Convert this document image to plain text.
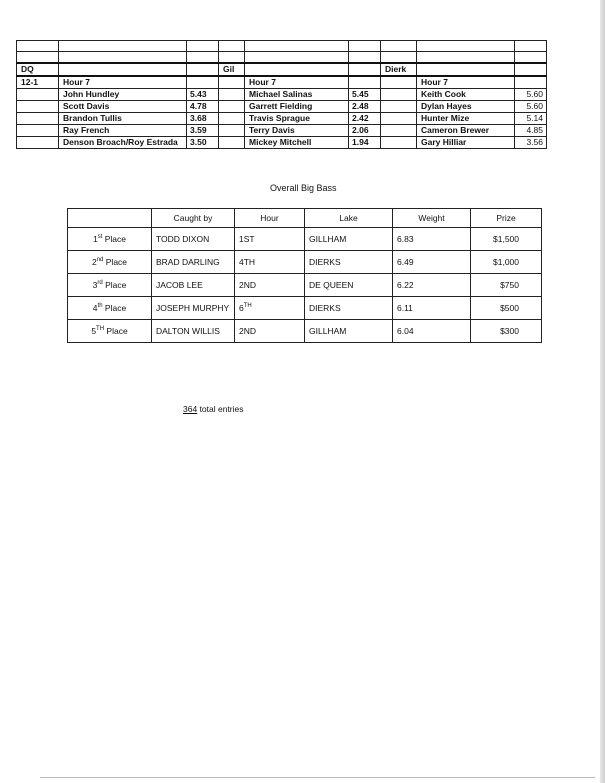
DQ			Gil			Dierk		
12-1	Hour 7			Hour 7			Hour 7	
	John Hundley	5.43		Michael Salinas	5.45		Keith Cook	5.60
	Scott Davis	4.78		Garrett Fielding	2.48		Dylan Hayes	5.60
	Brandon Tullis	3.68		Travis Sprague	2.42		Hunter Mize	5.14
	Ray French	3.59		Terry Davis	2.06		Cameron Brewer	4.85
	Denson Broach/Roy Estrada	3.50		Mickey Mitchell	1.94		Gary Hilliar	3.56
Overall Big Bass
	Caught by	Hour	Lake	Weight	Prize
1st Place	TODD DIXON	1ST	GILLHAM	6.83	$1,500
2nd Place	BRAD DARLING	4TH	DIERKS	6.49	$1,000
3rd Place	JACOB LEE	2ND	DE QUEEN	6.22	$750
4th Place	JOSEPH MURPHY	6TH	DIERKS	6.11	$500
5TH Place	DALTON WILLIS	2ND	GILLHAM	6.04	$300
364 total entries
